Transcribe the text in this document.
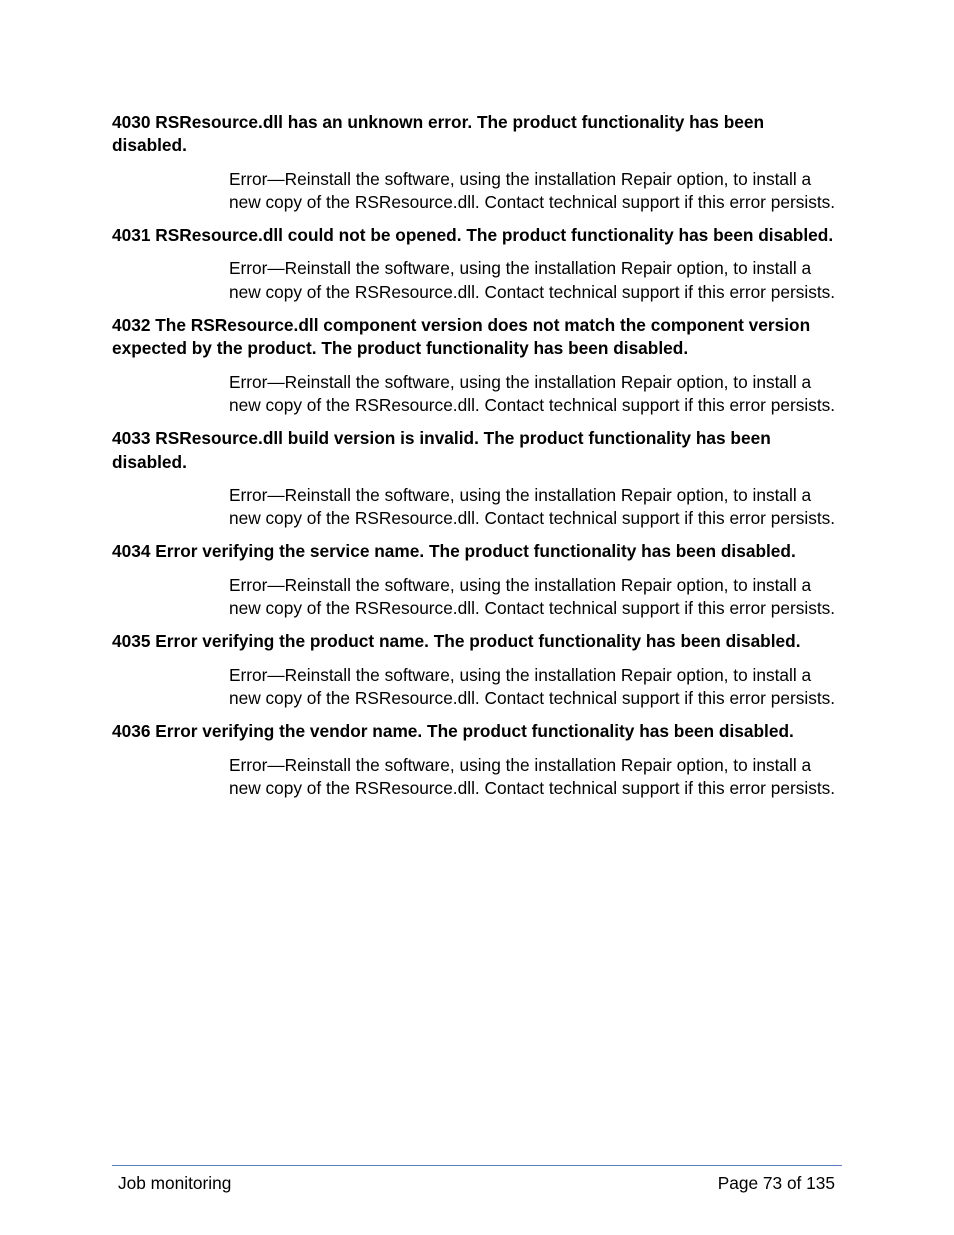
4030 RSResource.dll has an unknown error. The product functionality has been disabled.
Error—Reinstall the software, using the installation Repair option, to install a new copy of the RSResource.dll. Contact technical support if this error persists.
4031 RSResource.dll could not be opened. The product functionality has been disabled.
Error—Reinstall the software, using the installation Repair option, to install a new copy of the RSResource.dll. Contact technical support if this error persists.
4032 The RSResource.dll component version does not match the component version expected by the product. The product functionality has been disabled.
Error—Reinstall the software, using the installation Repair option, to install a new copy of the RSResource.dll. Contact technical support if this error persists.
4033 RSResource.dll build version is invalid. The product functionality has been disabled.
Error—Reinstall the software, using the installation Repair option, to install a new copy of the RSResource.dll. Contact technical support if this error persists.
4034 Error verifying the service name. The product functionality has been disabled.
Error—Reinstall the software, using the installation Repair option, to install a new copy of the RSResource.dll. Contact technical support if this error persists.
4035 Error verifying the product name. The product functionality has been disabled.
Error—Reinstall the software, using the installation Repair option, to install a new copy of the RSResource.dll. Contact technical support if this error persists.
4036 Error verifying the vendor name. The product functionality has been disabled.
Error—Reinstall the software, using the installation Repair option, to install a new copy of the RSResource.dll. Contact technical support if this error persists.
Job monitoring	Page 73 of 135
